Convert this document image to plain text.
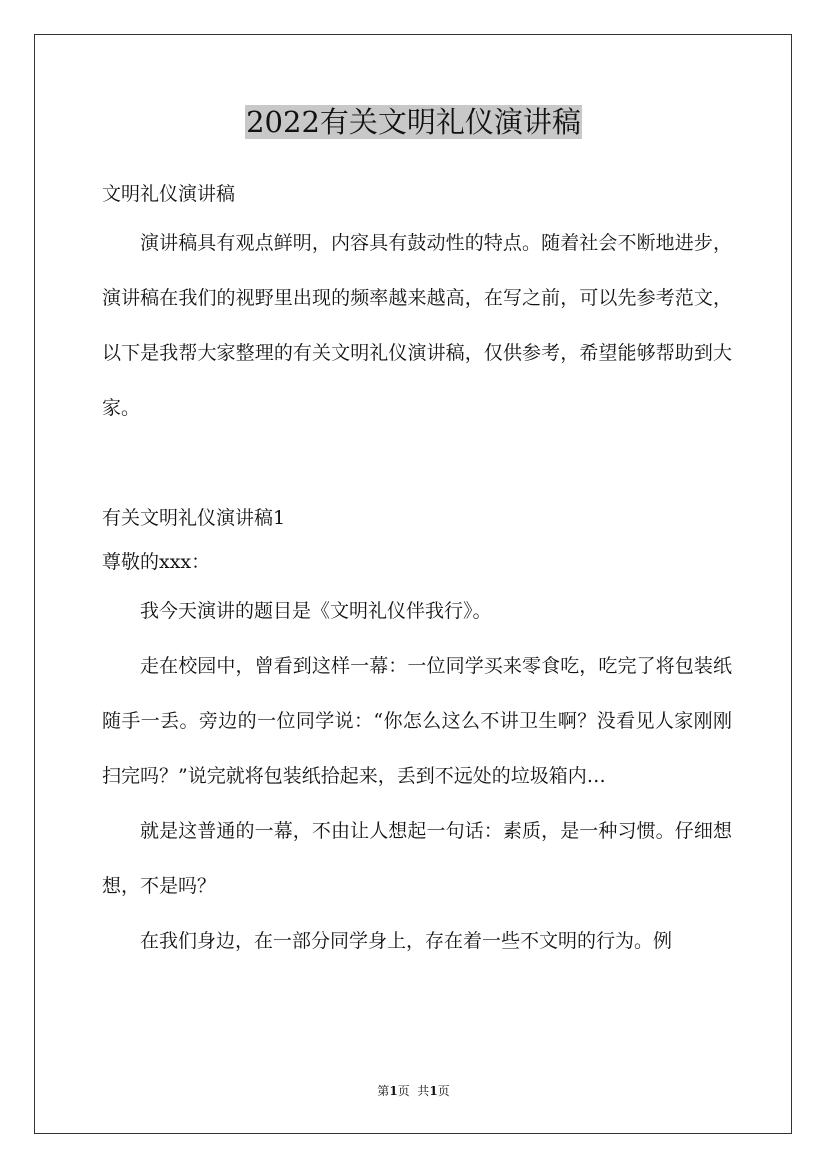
2022有关文明礼仪演讲稿

文明礼仪演讲稿

演讲稿具有观点鲜明，内容具有鼓动性的特点。随着社会不断地进步，演讲稿在我们的视野里出现的频率越来越高，在写之前，可以先参考范文，以下是我帮大家整理的有关文明礼仪演讲稿，仅供参考，希望能够帮助到大家。

有关文明礼仪演讲稿1

尊敬的xxx：

我今天演讲的题目是《文明礼仪伴我行》。

走在校园中，曾看到这样一幕：一位同学买来零食吃，吃完了将包装纸随手一丢。旁边的一位同学说：“你怎么这么不讲卫生啊？没看见人家刚刚扫完吗？”说完就将包装纸拾起来，丢到不远处的垃圾箱内…

就是这普通的一幕，不由让人想起一句话：素质，是一种习惯。仔细想想，不是吗？

在我们身边，在一部分同学身上，存在着一些不文明的行为。例

第1页  共1页
